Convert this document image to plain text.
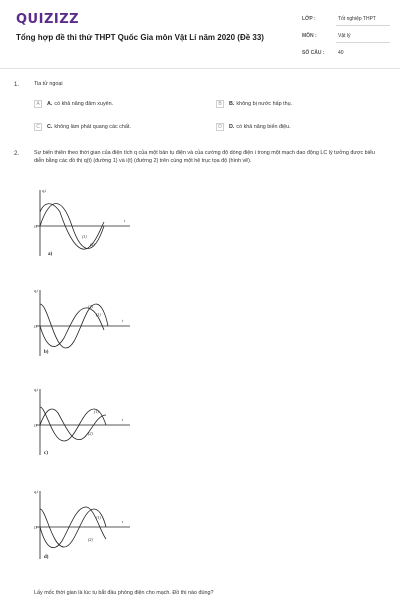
QUIZIZZ
Tổng hợp đề thi thử THPT Quốc Gia môn Vật Lí năm 2020 (Đề 33)
LỚP :	Tốt nghiệp THPT
MÔN :	Vật lý
SỐ CÂU :	40
1.	Tia tử ngoại
A	A. có khả năng đâm xuyên.	B	B. không bị nước hấp thụ.
C	C. không làm phát quang các chất.	D	D. có khả năng biến điệu.
2.	Sự biến thiên theo thời gian của điện tích q của một bản tụ điện và của cường độ dòng điện i trong một mạch dao động LC lý tưởng được biểu diễn bằng các đồ thị q(t) (đường 1) và i(t) (đường 2) trên cùng một hệ trục tọa độ (hình vẽ).
q,i
t
O
(1)
(2)
a)
q,i
t
O
(1)
(2)
b)
q,i
t
O
(1)
(2)
c)
q,i
t
O
(1)
(2)
d)
Lấy mốc thời gian là lúc tụ bắt đầu phóng điện cho mạch. Đồ thị nào đúng?
